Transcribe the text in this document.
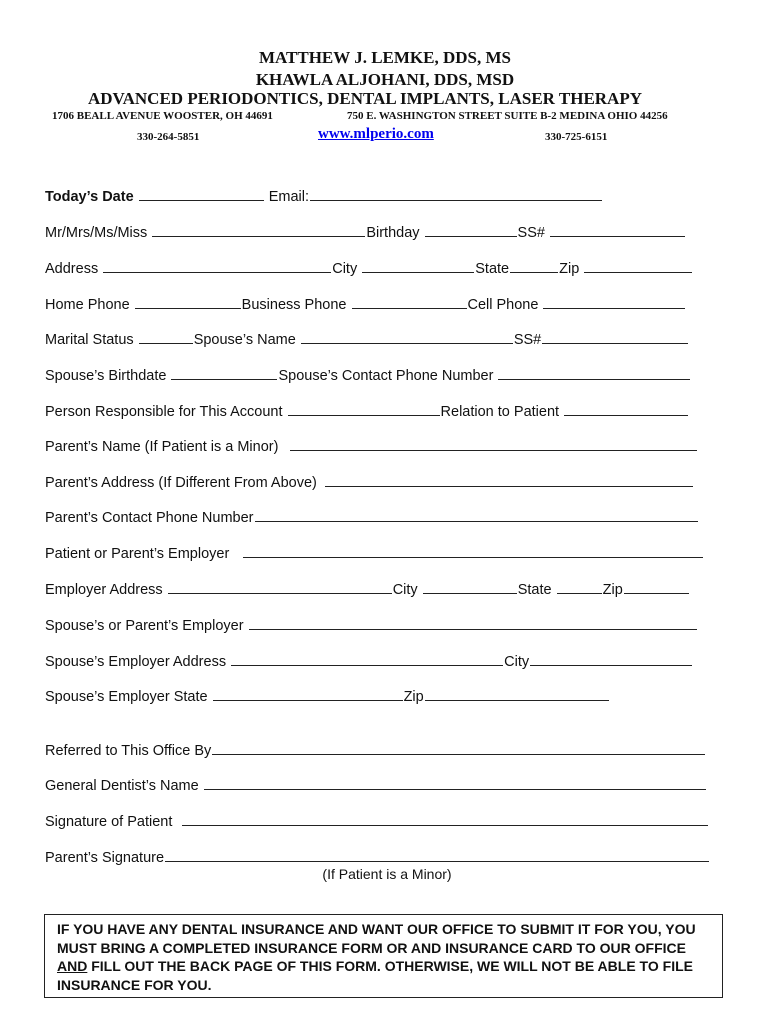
MATTHEW J. LEMKE, DDS, MS
KHAWLA ALJOHANI, DDS, MSD
ADVANCED PERIODONTICS, DENTAL IMPLANTS, LASER THERAPY
1706 BEALL AVENUE WOOSTER, OH 44691	750 E. WASHINGTON STREET SUITE B-2 MEDINA OHIO 44256
330-264-5851	www.mlperio.com	330-725-6151
Today’s Date	Email:
Mr/Mrs/Ms/Miss	Birthday	SS#
Address	City	State	Zip
Home Phone	Business Phone	Cell Phone
Marital Status	Spouse’s Name	SS#
Spouse’s Birthdate	Spouse’s Contact Phone Number
Person Responsible for This Account	Relation to Patient
Parent’s Name (If Patient is a Minor)
Parent’s Address (If Different From Above)
Parent’s Contact Phone Number
Patient or Parent’s Employer
Employer Address	City	State	Zip
Spouse’s or Parent’s Employer
Spouse’s Employer Address	City
Spouse’s Employer State	Zip
Referred to This Office By
General Dentist’s Name
Signature of Patient
Parent’s Signature
(If Patient is a Minor)
IF YOU HAVE ANY DENTAL INSURANCE AND WANT OUR OFFICE TO SUBMIT IT FOR YOU, YOU MUST BRING A COMPLETED INSURANCE FORM OR AND INSURANCE CARD TO OUR OFFICE AND FILL OUT THE BACK PAGE OF THIS FORM. OTHERWISE, WE WILL NOT BE ABLE TO FILE INSURANCE FOR YOU.
